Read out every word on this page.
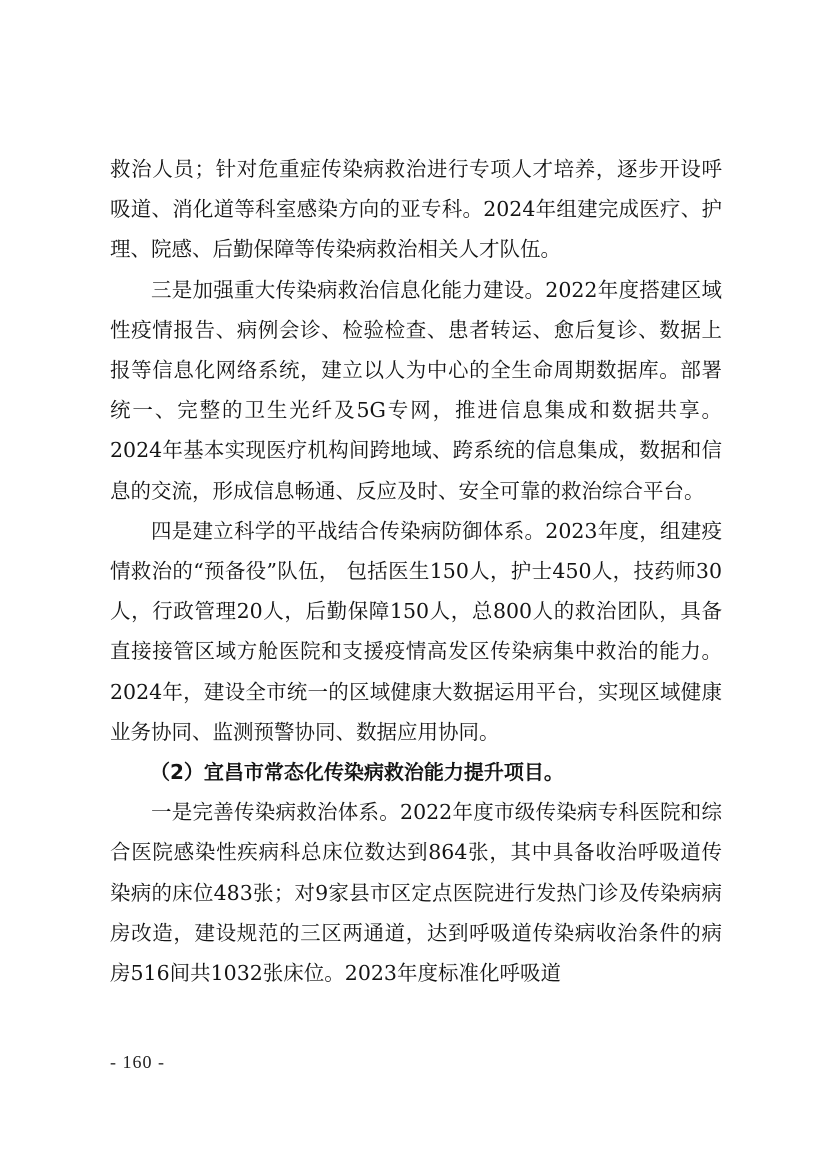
救治人员；针对危重症传染病救治进行专项人才培养，逐步开设呼吸道、消化道等科室感染方向的亚专科。2024年组建完成医疗、护理、院感、后勤保障等传染病救治相关人才队伍。

三是加强重大传染病救治信息化能力建设。2022年度搭建区域性疫情报告、病例会诊、检验检查、患者转运、愈后复诊、数据上报等信息化网络系统，建立以人为中心的全生命周期数据库。部署统一、完整的卫生光纤及5G专网，推进信息集成和数据共享。2024年基本实现医疗机构间跨地域、跨系统的信息集成，数据和信息的交流，形成信息畅通、反应及时、安全可靠的救治综合平台。

四是建立科学的平战结合传染病防御体系。2023年度，组建疫情救治的“预备役”队伍， 包括医生150人，护士450人，技药师30人，行政管理20人，后勤保障150人，总800人的救治团队，具备直接接管区域方舱医院和支援疫情高发区传染病集中救治的能力。2024年，建设全市统一的区域健康大数据运用平台，实现区域健康业务协同、监测预警协同、数据应用协同。

（2）宜昌市常态化传染病救治能力提升项目。

一是完善传染病救治体系。2022年度市级传染病专科医院和综合医院感染性疾病科总床位数达到864张，其中具备收治呼吸道传染病的床位483张；对9家县市区定点医院进行发热门诊及传染病病房改造，建设规范的三区两通道，达到呼吸道传染病收治条件的病房516间共1032张床位。2023年度标准化呼吸道

- 160 -
